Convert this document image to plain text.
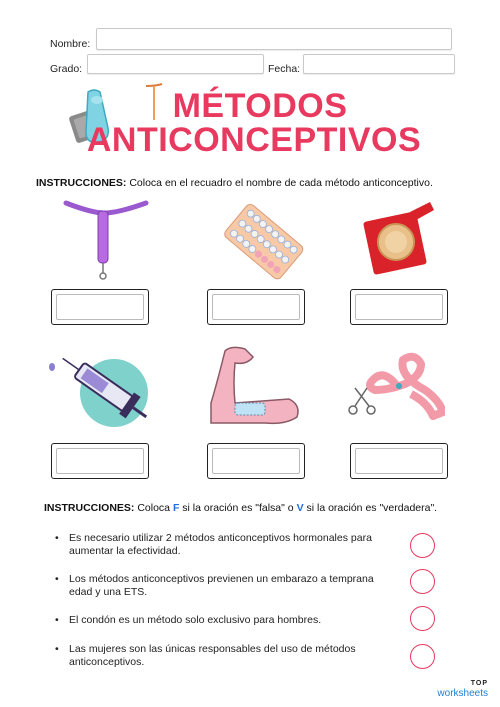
Nombre:
Grado:	Fecha:
MÉTODOS
ANTICONCEPTIVOS
INSTRUCCIONES: Coloca en el recuadro el nombre de cada método anticonceptivo.
INSTRUCCIONES: Coloca F si la oración es "falsa" o V si la oración es "verdadera".
• Es necesario utilizar 2 métodos anticonceptivos hormonales para aumentar la efectividad.
• Los métodos anticonceptivos previenen un embarazo a temprana edad y una ETS.
• El condón es un método solo exclusivo para hombres.
• Las mujeres son las únicas responsables del uso de métodos anticonceptivos.
TOP
worksheets
